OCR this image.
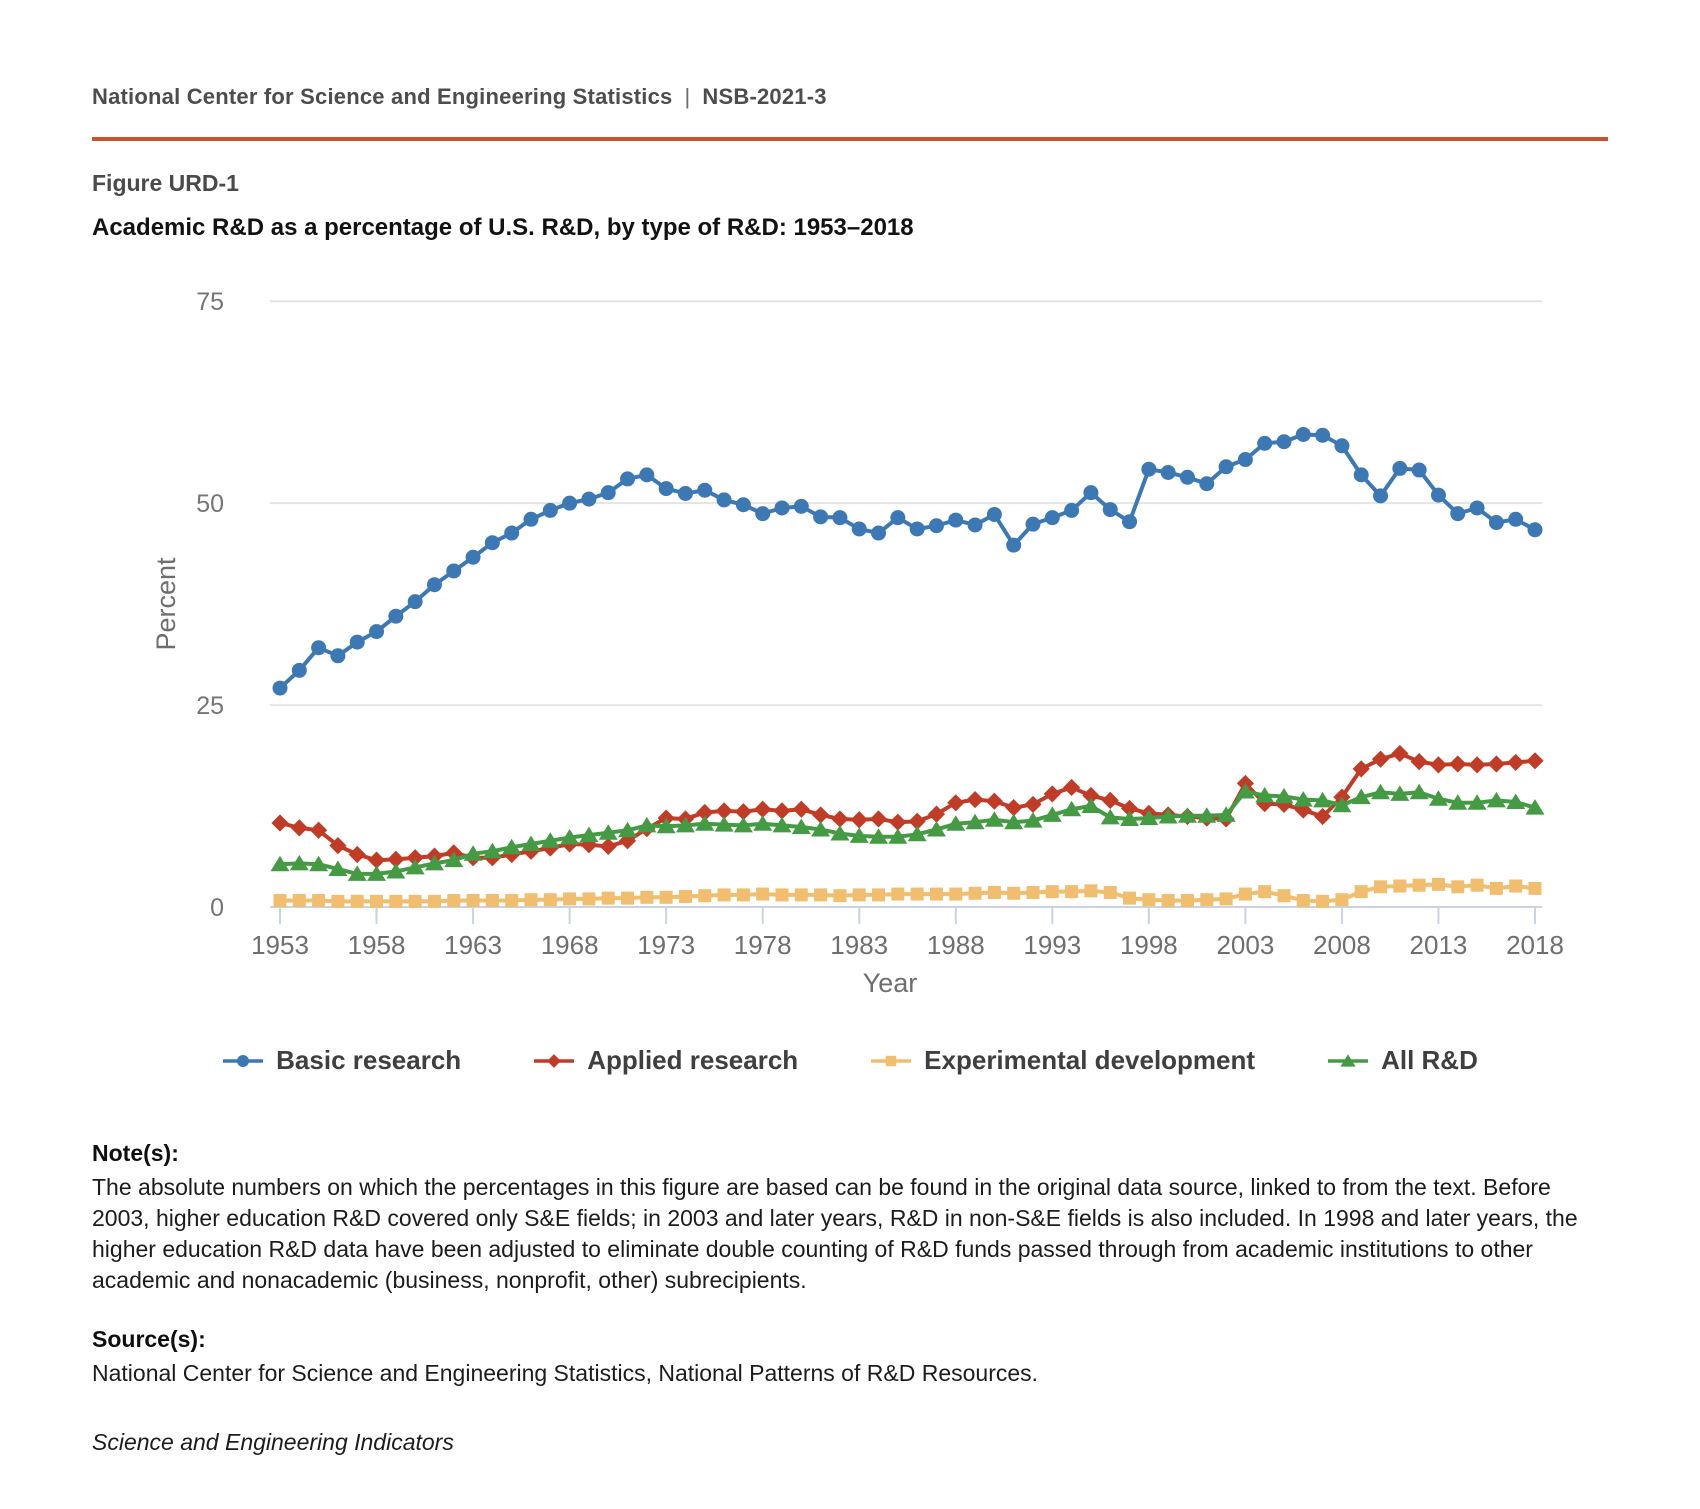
National Center for Science and Engineering Statistics | NSB-2021-3
Figure URD-1
Academic R&D as a percentage of U.S. R&D, by type of R&D: 1953–2018
75
50
25
0
1953 1958 1963 1968 1973 1978 1983 1988 1993 1998 2003 2008 2013 2018
Percent
Year
Basic research	Applied research	Experimental development	All R&D
Note(s):
The absolute numbers on which the percentages in this figure are based can be found in the original data source, linked to from the text. Before 2003, higher education R&D covered only S&E fields; in 2003 and later years, R&D in non-S&E fields is also included. In 1998 and later years, the higher education R&D data have been adjusted to eliminate double counting of R&D funds passed through from academic institutions to other academic and nonacademic (business, nonprofit, other) subrecipients.
Source(s):
National Center for Science and Engineering Statistics, National Patterns of R&D Resources.
Science and Engineering Indicators
